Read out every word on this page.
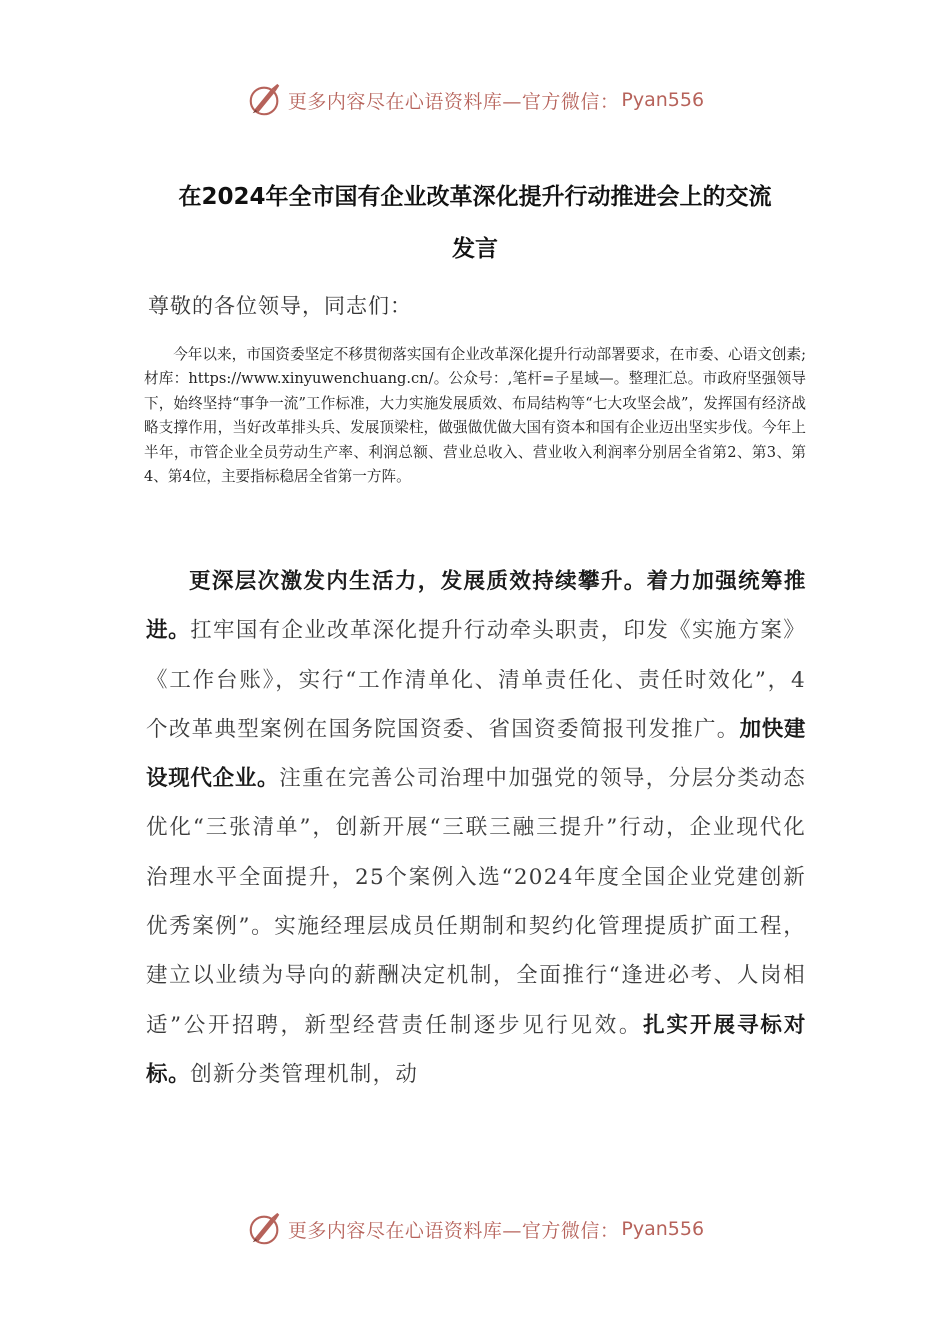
更多内容尽在心语资料库—官方微信： Pyan556
在2024年全市国有企业改革深化提升行动推进会上的交流
发言

尊敬的各位领导，同志们：

今年以来，市国资委坚定不移贯彻落实国有企业改革深化提升行动部署要求，在市委、心语文创素;材库：https://www.xinyuwenchuang.cn/。公众号：,笔杆=子星域—。整理汇总。市政府坚强领导下，始终坚持“事争一流”工作标准，大力实施发展质效、布局结构等“七大攻坚会战”，发挥国有经济战略支撑作用，当好改革排头兵、发展顶梁柱，做强做优做大国有资本和国有企业迈出坚实步伐。今年上半年，市管企业全员劳动生产率、利润总额、营业总收入、营业收入利润率分别居全省第2、第3、第4、第4位，主要指标稳居全省第一方阵。

更深层次激发内生活力，发展质效持续攀升。着力加强统筹推进。扛牢国有企业改革深化提升行动牵头职责，印发《实施方案》《工作台账》，实行“工作清单化、清单责任化、责任时效化”，4个改革典型案例在国务院国资委、省国资委简报刊发推广。加快建设现代企业。注重在完善公司治理中加强党的领导，分层分类动态优化“三张清单”，创新开展“三联三融三提升”行动，企业现代化治理水平全面提升，25个案例入选“2024年度全国企业党建创新优秀案例”。实施经理层成员任期制和契约化管理提质扩面工程，建立以业绩为导向的薪酬决定机制，全面推行“逢进必考、人岗相适”公开招聘，新型经营责任制逐步见行见效。扎实开展寻标对标。创新分类管理机制，动

更多内容尽在心语资料库—官方微信： Pyan556
